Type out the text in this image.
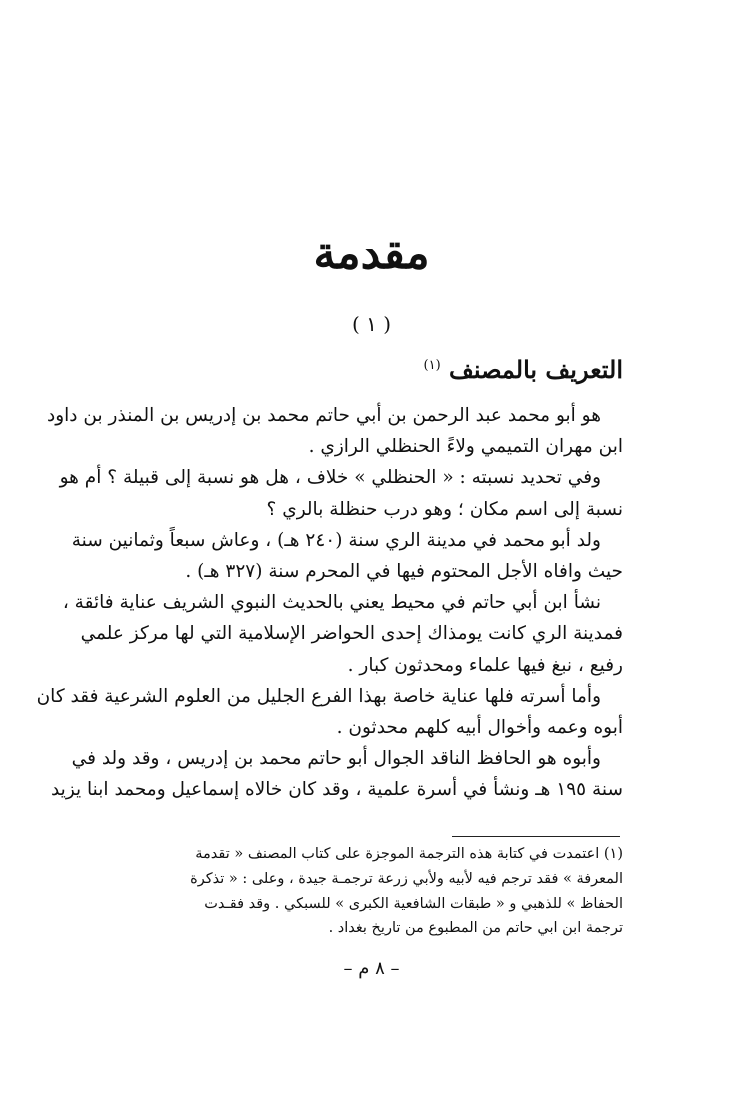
مقدمة
( ١ )
التعريف بالمصنف $^{(١)}$
هو أبو محمد عبد الرحمن بن أبي حاتم محمد بن إدريس بن المنذر بن داود
ابن مهران التميمي ولاءً الحنظلي الرازي .
وفي تحديد نسبته : « الحنظلي » خلاف ، هل هو نسبة إلى قبيلة ؟ أم هو
نسبة إلى اسم مكان ؛ وهو درب حنظلة بالري ؟
ولد أبو محمد في مدينة الري سنة (٢٤٠ هـ) ، وعاش سبعاً وثمانين سنة
حيث وافاه الأجل المحتوم فيها في المحرم سنة (٣٢٧ هـ) .
نشأ ابن أبي حاتم في محيط يعني بالحديث النبوي الشريف عناية فائقة ،
فمدينة الري كانت يومذاك إحدى الحواضر الإسلامية التي لها مركز علمي
رفيع ، نبغ فيها علماء ومحدثون كبار .
وأما أسرته فلها عناية خاصة بهذا الفرع الجليل من العلوم الشرعية فقد كان
أبوه وعمه وأخوال أبيه كلهم محدثون .
وأبوه هو الحافظ الناقد الجوال أبو حاتم محمد بن إدريس ، وقد ولد في
سنة ١٩٥ هـ ونشأ في أسرة علمية ، وقد كان خالاه إسماعيل ومحمد ابنا يزيد
(١) اعتمدت في كتابة هذه الترجمة الموجزة على كتاب المصنف « تقدمة
المعرفة » فقد ترجم فيه لأبيه ولأبي زرعة ترجمـة جيدة ، وعلى : « تذكرة
الحفاظ » للذهبي و « طبقات الشافعية الكبرى » للسبكي . وقد فقـدت
ترجمة ابن ابي حاتم من المطبوع من تاريخ بغداد .
– ٨ م –
